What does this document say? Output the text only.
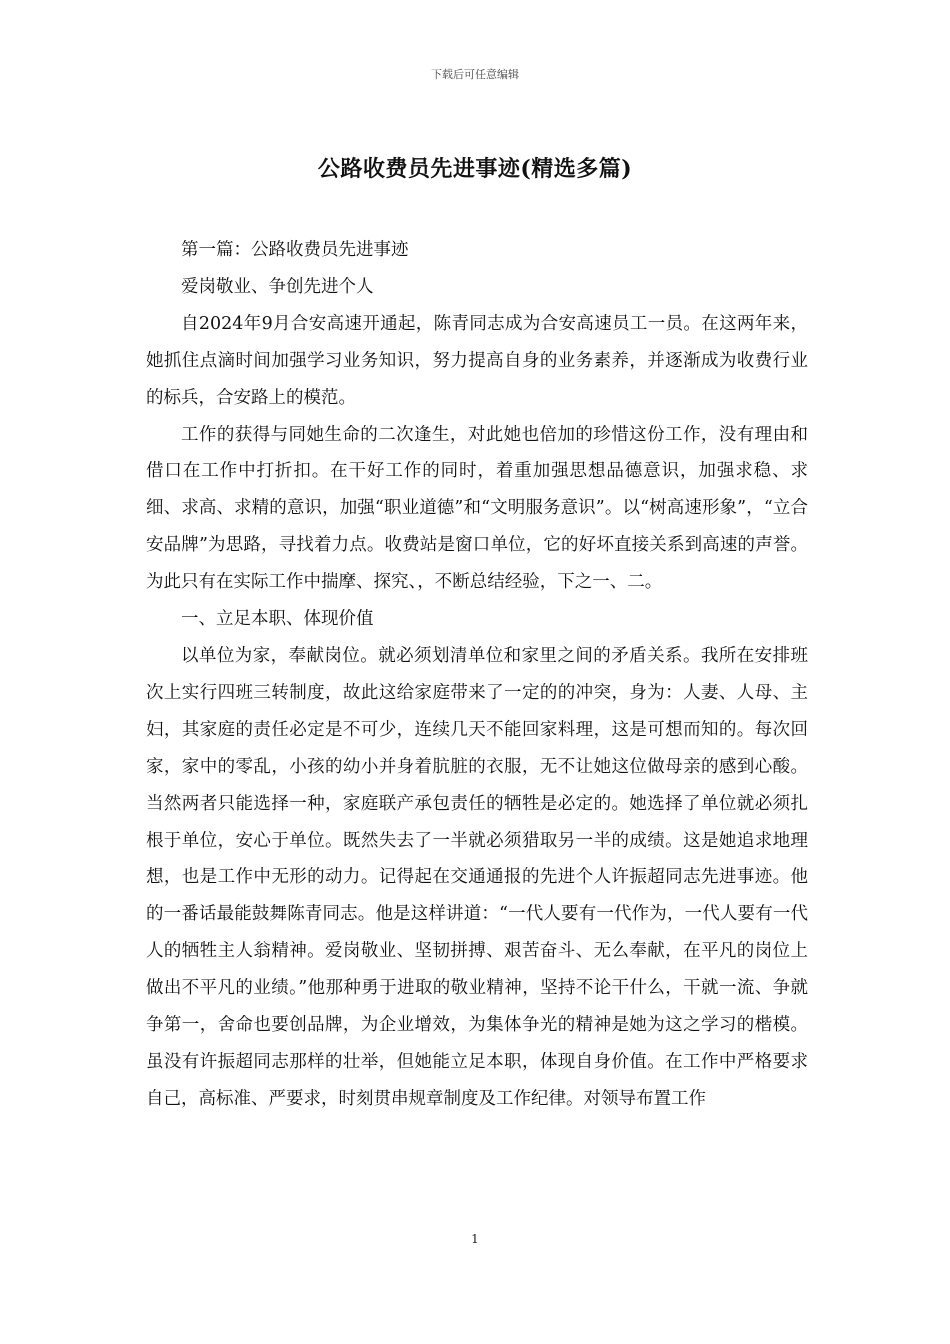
下载后可任意编辑
公路收费员先进事迹(精选多篇)

第一篇：公路收费员先进事迹

爱岗敬业、争创先进个人

自2024年9月合安高速开通起，陈青同志成为合安高速员工一员。在这两年来，她抓住点滴时间加强学习业务知识，努力提高自身的业务素养，并逐渐成为收费行业的标兵，合安路上的模范。

工作的获得与同她生命的二次逢生，对此她也倍加的珍惜这份工作，没有理由和借口在工作中打折扣。在干好工作的同时，着重加强思想品德意识，加强求稳、求细、求高、求精的意识，加强“职业道德”和“文明服务意识”。以“树高速形象”，“立合安品牌”为思路，寻找着力点。收费站是窗口单位，它的好坏直接关系到高速的声誉。为此只有在实际工作中揣摩、探究、，不断总结经验，下之一、二。

一、立足本职、体现价值

以单位为家，奉献岗位。就必须划清单位和家里之间的矛盾关系。我所在安排班次上实行四班三转制度，故此这给家庭带来了一定的的冲突，身为：人妻、人母、主妇，其家庭的责任必定是不可少，连续几天不能回家料理，这是可想而知的。每次回家，家中的零乱，小孩的幼小并身着肮脏的衣服，无不让她这位做母亲的感到心酸。当然两者只能选择一种，家庭联产承包责任的牺牲是必定的。她选择了单位就必须扎根于单位，安心于单位。既然失去了一半就必须猎取另一半的成绩。这是她追求地理想，也是工作中无形的动力。记得起在交通通报的先进个人许振超同志先进事迹。他的一番话最能鼓舞陈青同志。他是这样讲道：“一代人要有一代作为，一代人要有一代人的牺牲主人翁精神。爱岗敬业、坚韧拼搏、艰苦奋斗、无么奉献，在平凡的岗位上做出不平凡的业绩。”他那种勇于进取的敬业精神，坚持不论干什么，干就一流、争就争第一，舍命也要创品牌，为企业增效，为集体争光的精神是她为这之学习的楷模。虽没有许振超同志那样的壮举，但她能立足本职，体现自身价值。在工作中严格要求自己，高标准、严要求，时刻贯串规章制度及工作纪律。对领导布置工作

1
